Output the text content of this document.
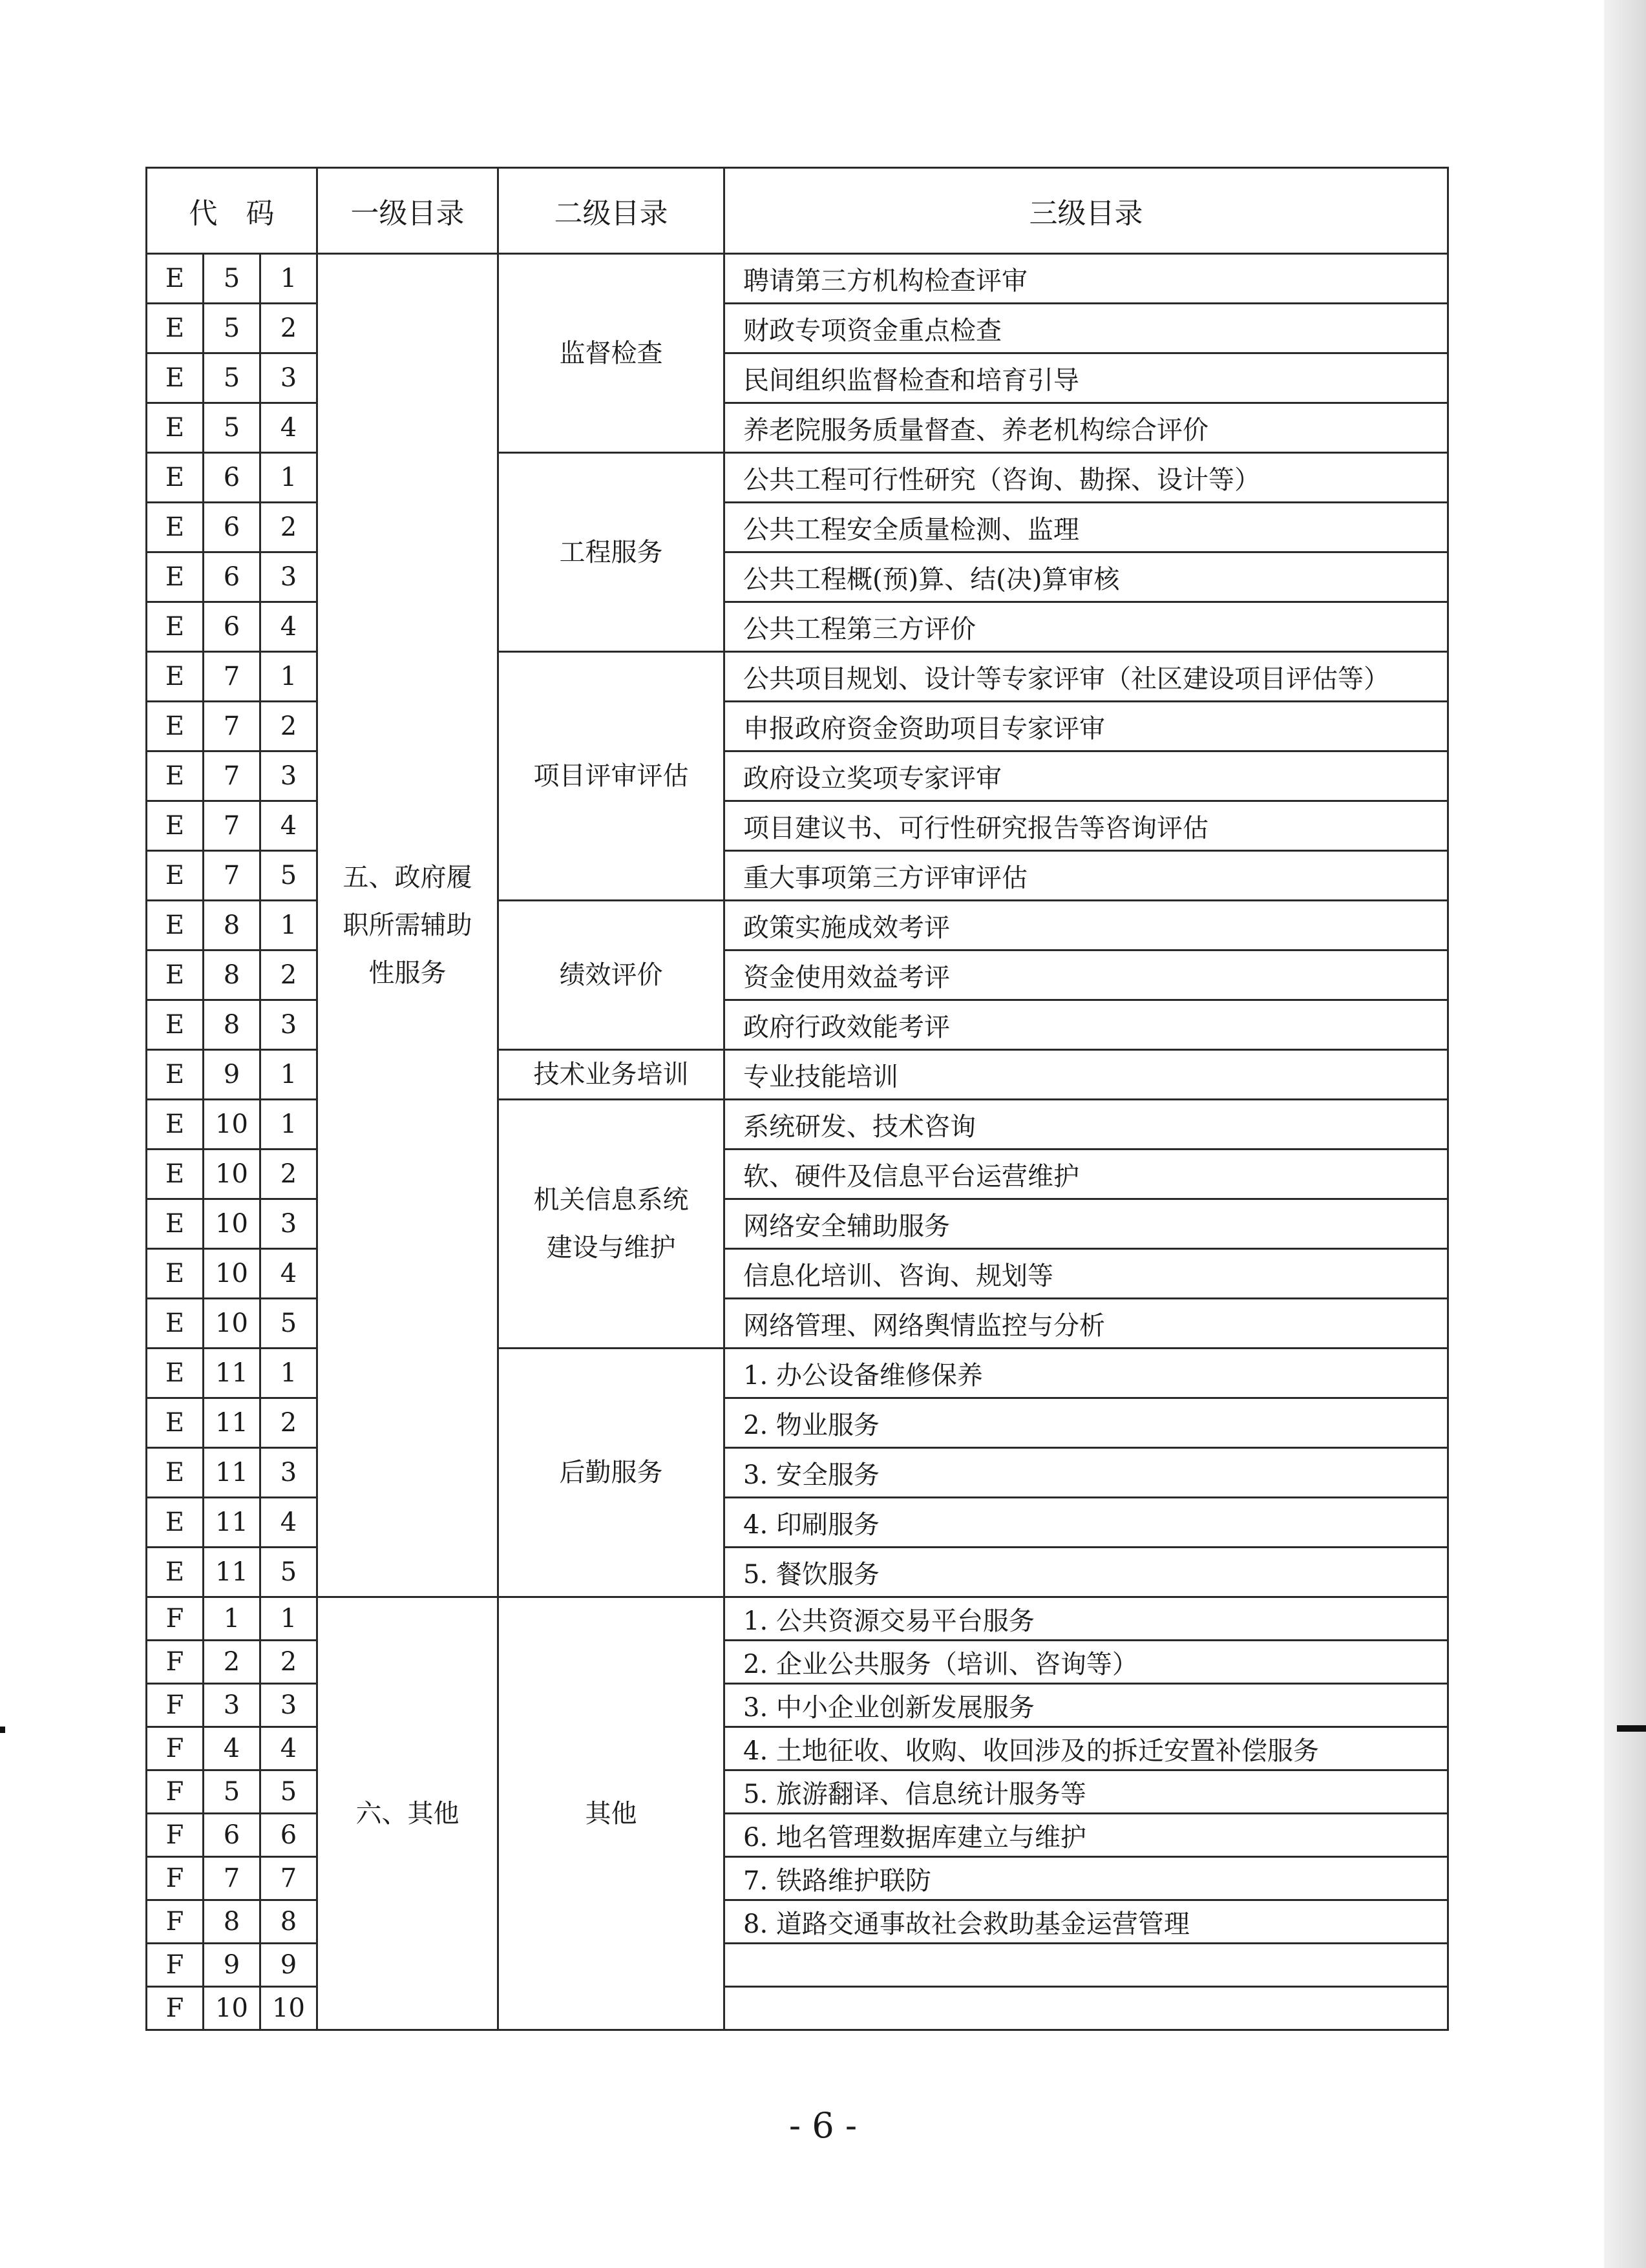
代　码			一级目录	二级目录	三级目录
E	5	1	五、政府履职所需辅助性服务	监督检查	聘请第三方机构检查评审
E	5	2			财政专项资金重点检查
E	5	3			民间组织监督检查和培育引导
E	5	4			养老院服务质量督查、养老机构综合评价
E	6	1		工程服务	公共工程可行性研究（咨询、勘探、设计等）
E	6	2			公共工程安全质量检测、监理
E	6	3			公共工程概(预)算、结(决)算审核
E	6	4			公共工程第三方评价
E	7	1		项目评审评估	公共项目规划、设计等专家评审（社区建设项目评估等）
E	7	2			申报政府资金资助项目专家评审
E	7	3			政府设立奖项专家评审
E	7	4			项目建议书、可行性研究报告等咨询评估
E	7	5			重大事项第三方评审评估
E	8	1		绩效评价	政策实施成效考评
E	8	2			资金使用效益考评
E	8	3			政府行政效能考评
E	9	1		技术业务培训	专业技能培训
E	10	1		机关信息系统建设与维护	系统研发、技术咨询
E	10	2			软、硬件及信息平台运营维护
E	10	3			网络安全辅助服务
E	10	4			信息化培训、咨询、规划等
E	10	5			网络管理、网络舆情监控与分析
E	11	1		后勤服务	1. 办公设备维修保养
E	11	2			2. 物业服务
E	11	3			3. 安全服务
E	11	4			4. 印刷服务
E	11	5			5. 餐饮服务
F	1	1	六、其他	其他	1. 公共资源交易平台服务
F	2	2			2. 企业公共服务（培训、咨询等）
F	3	3			3. 中小企业创新发展服务
F	4	4			4. 土地征收、收购、收回涉及的拆迁安置补偿服务
F	5	5			5. 旅游翻译、信息统计服务等
F	6	6			6. 地名管理数据库建立与维护
F	7	7			7. 铁路维护联防
F	8	8			8. 道路交通事故社会救助基金运营管理
F	9	9			
F	10	10			
- 6 -
